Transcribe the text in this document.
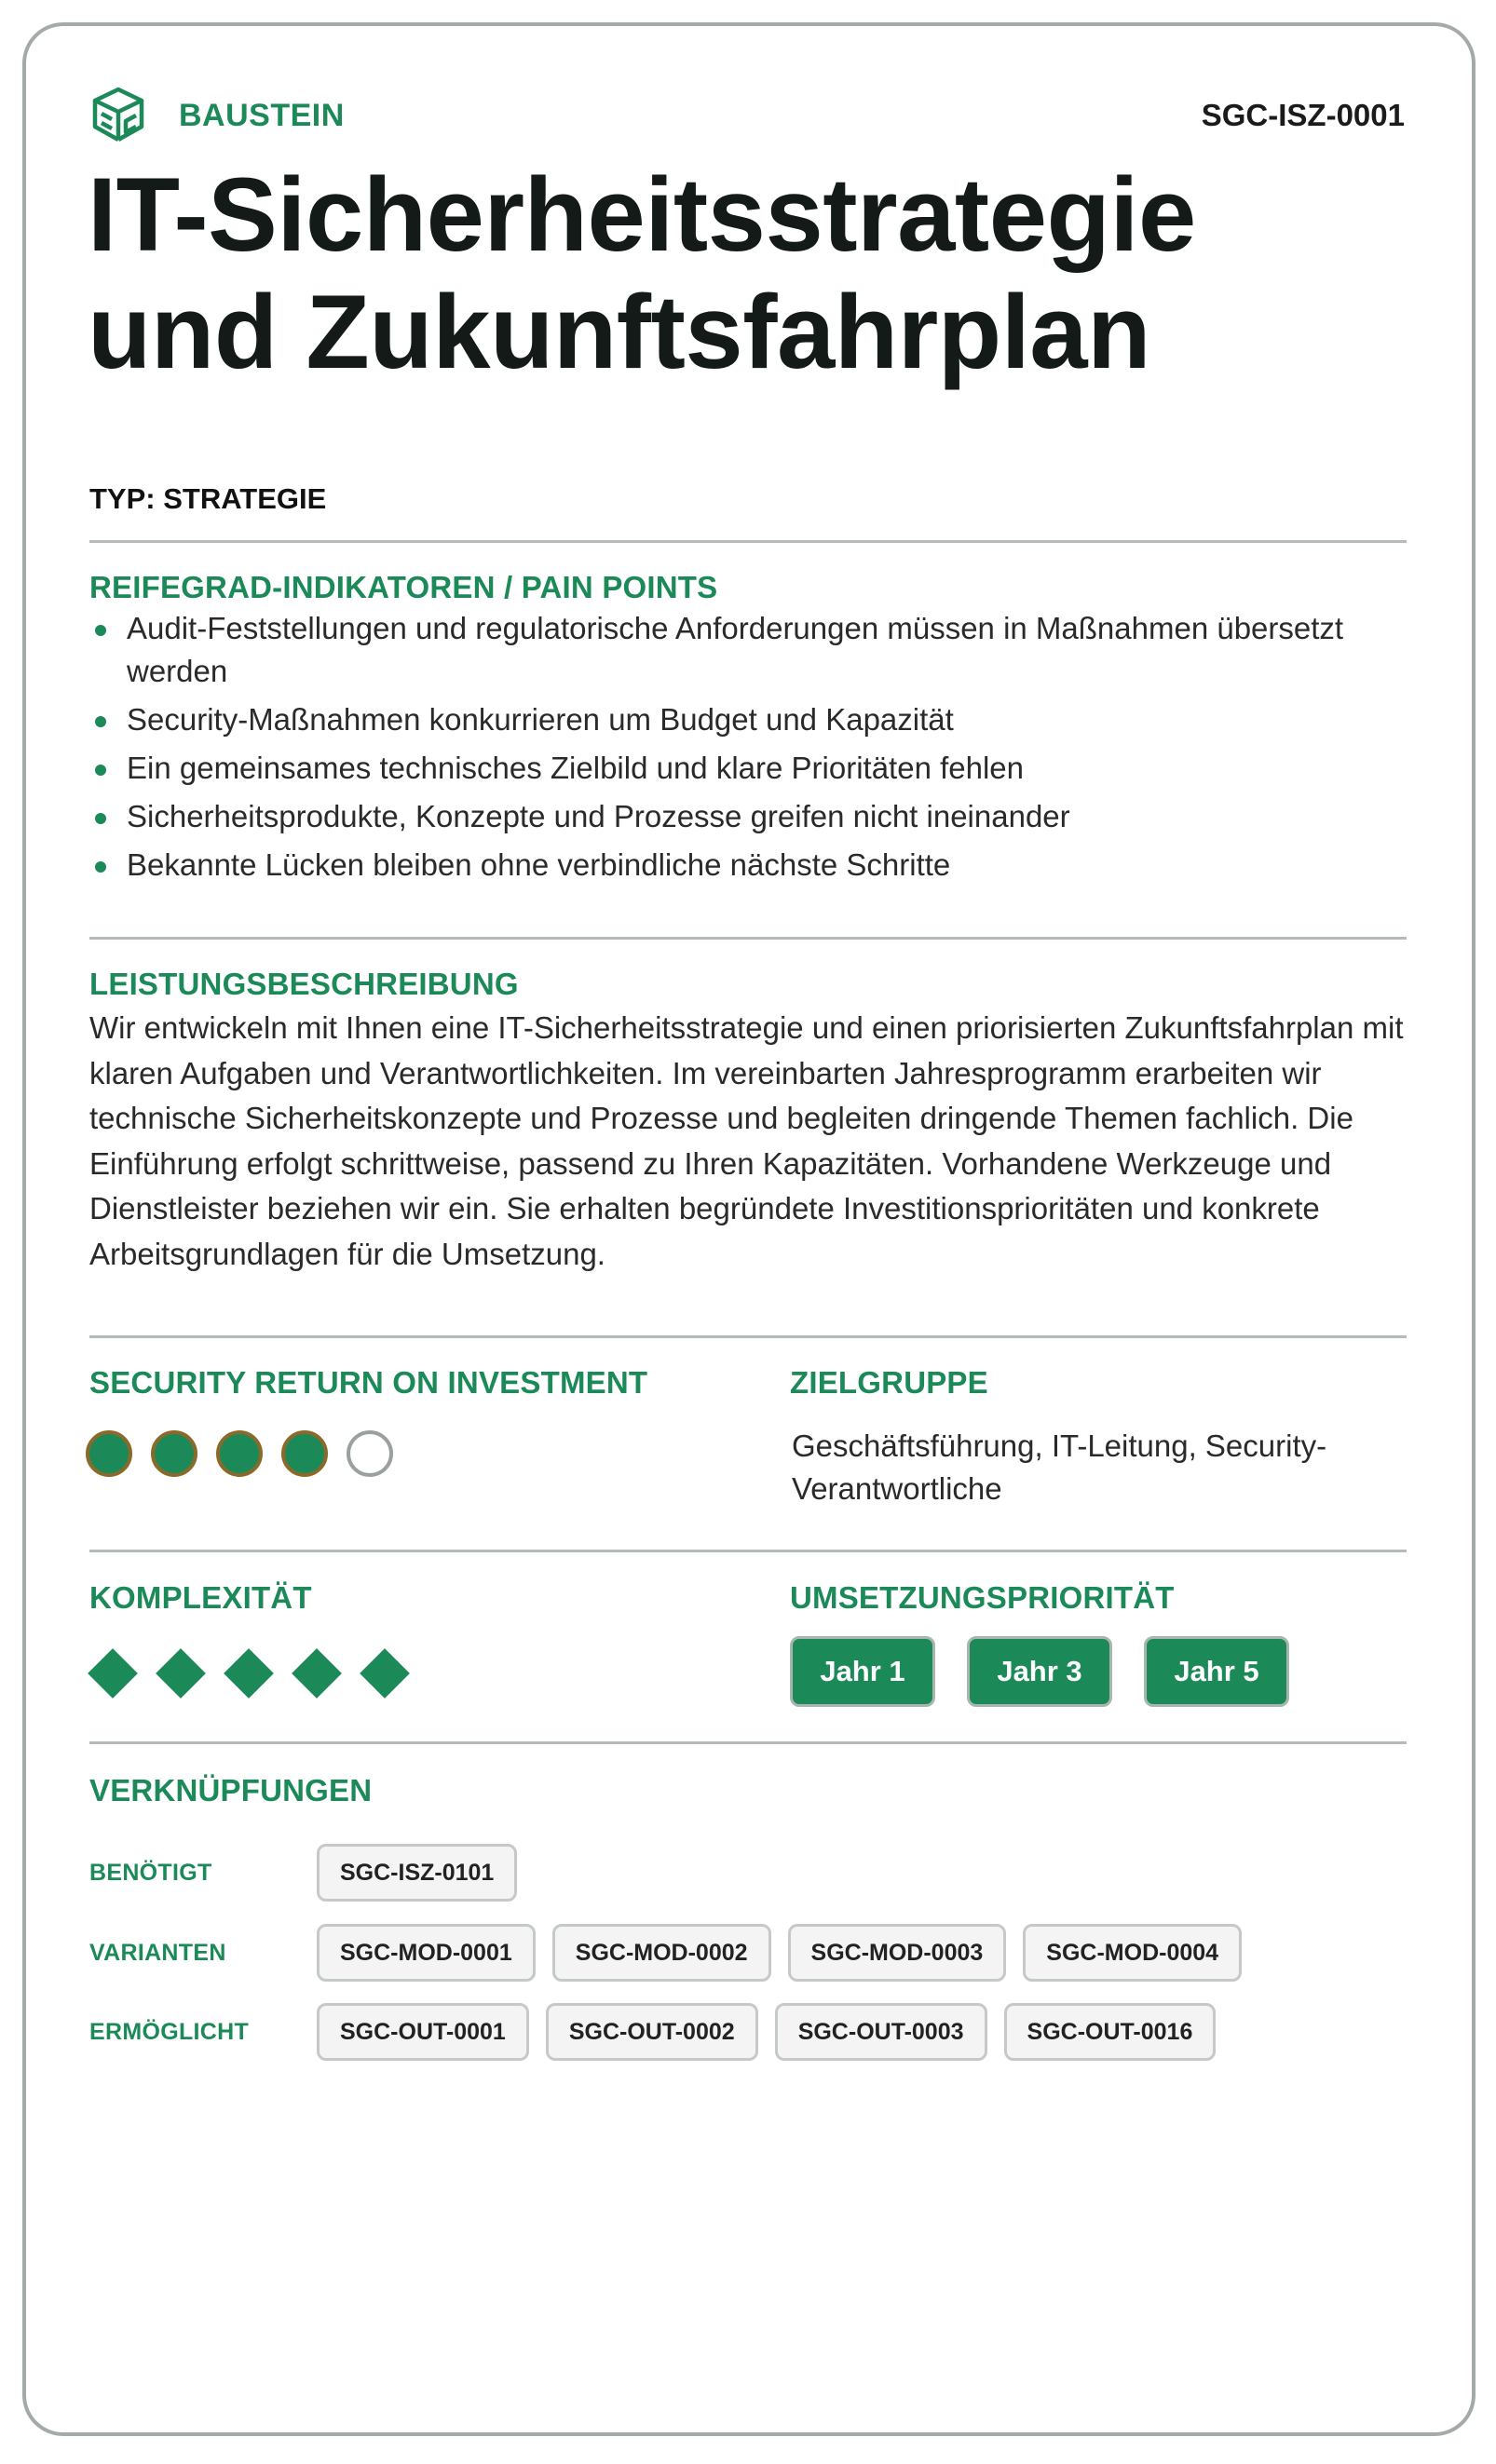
BAUSTEIN	SGC-ISZ-0001
IT-Sicherheitsstrategie und Zukunftsfahrplan
TYP: STRATEGIE
REIFEGRAD-INDIKATOREN / PAIN POINTS
Audit-Feststellungen und regulatorische Anforderungen müssen in Maßnahmen übersetzt werden
Security-Maßnahmen konkurrieren um Budget und Kapazität
Ein gemeinsames technisches Zielbild und klare Prioritäten fehlen
Sicherheitsprodukte, Konzepte und Prozesse greifen nicht ineinander
Bekannte Lücken bleiben ohne verbindliche nächste Schritte
LEISTUNGSBESCHREIBUNG
Wir entwickeln mit Ihnen eine IT-Sicherheitsstrategie und einen priorisierten Zukunftsfahrplan mit klaren Aufgaben und Verantwortlichkeiten. Im vereinbarten Jahresprogramm erarbeiten wir technische Sicherheitskonzepte und Prozesse und begleiten dringende Themen fachlich. Die Einführung erfolgt schrittweise, passend zu Ihren Kapazitäten. Vorhandene Werkzeuge und Dienstleister beziehen wir ein. Sie erhalten begründete Investitionsprioritäten und konkrete Arbeitsgrundlagen für die Umsetzung.
SECURITY RETURN ON INVESTMENT	ZIELGRUPPE
Geschäftsführung, IT-Leitung, Security-Verantwortliche
KOMPLEXITÄT	UMSETZUNGSPRIORITÄT
Jahr 1	Jahr 3	Jahr 5
VERKNÜPFUNGEN
BENÖTIGT	SGC-ISZ-0101
VARIANTEN	SGC-MOD-0001	SGC-MOD-0002	SGC-MOD-0003	SGC-MOD-0004
ERMÖGLICHT	SGC-OUT-0001	SGC-OUT-0002	SGC-OUT-0003	SGC-OUT-0016
